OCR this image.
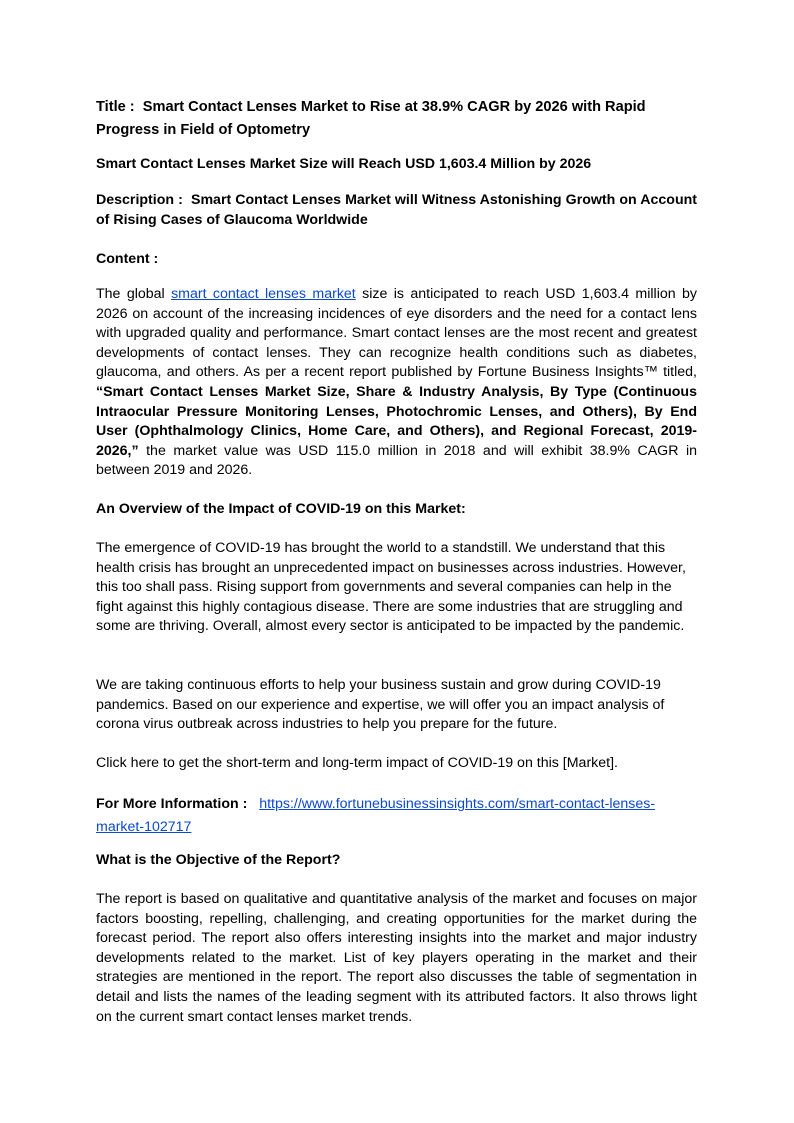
Title : Smart Contact Lenses Market to Rise at 38.9% CAGR by 2026 with Rapid Progress in Field of Optometry

Smart Contact Lenses Market Size will Reach USD 1,603.4 Million by 2026

Description : Smart Contact Lenses Market will Witness Astonishing Growth on Account of Rising Cases of Glaucoma Worldwide

Content :

The global smart contact lenses market size is anticipated to reach USD 1,603.4 million by 2026 on account of the increasing incidences of eye disorders and the need for a contact lens with upgraded quality and performance. Smart contact lenses are the most recent and greatest developments of contact lenses. They can recognize health conditions such as diabetes, glaucoma, and others. As per a recent report published by Fortune Business Insights™ titled, “Smart Contact Lenses Market Size, Share & Industry Analysis, By Type (Continuous Intraocular Pressure Monitoring Lenses, Photochromic Lenses, and Others), By End User (Ophthalmology Clinics, Home Care, and Others), and Regional Forecast, 2019-2026,” the market value was USD 115.0 million in 2018 and will exhibit 38.9% CAGR in between 2019 and 2026.

An Overview of the Impact of COVID-19 on this Market:

The emergence of COVID-19 has brought the world to a standstill. We understand that this health crisis has brought an unprecedented impact on businesses across industries. However, this too shall pass. Rising support from governments and several companies can help in the fight against this highly contagious disease. There are some industries that are struggling and some are thriving. Overall, almost every sector is anticipated to be impacted by the pandemic.

We are taking continuous efforts to help your business sustain and grow during COVID-19 pandemics. Based on our experience and expertise, we will offer you an impact analysis of corona virus outbreak across industries to help you prepare for the future.

Click here to get the short-term and long-term impact of COVID-19 on this [Market].

For More Information : https://www.fortunebusinessinsights.com/smart-contact-lenses-
market-102717

What is the Objective of the Report?

The report is based on qualitative and quantitative analysis of the market and focuses on major factors boosting, repelling, challenging, and creating opportunities for the market during the forecast period. The report also offers interesting insights into the market and major industry developments related to the market. List of key players operating in the market and their strategies are mentioned in the report. The report also discusses the table of segmentation in detail and lists the names of the leading segment with its attributed factors. It also throws light on the current smart contact lenses market trends.
